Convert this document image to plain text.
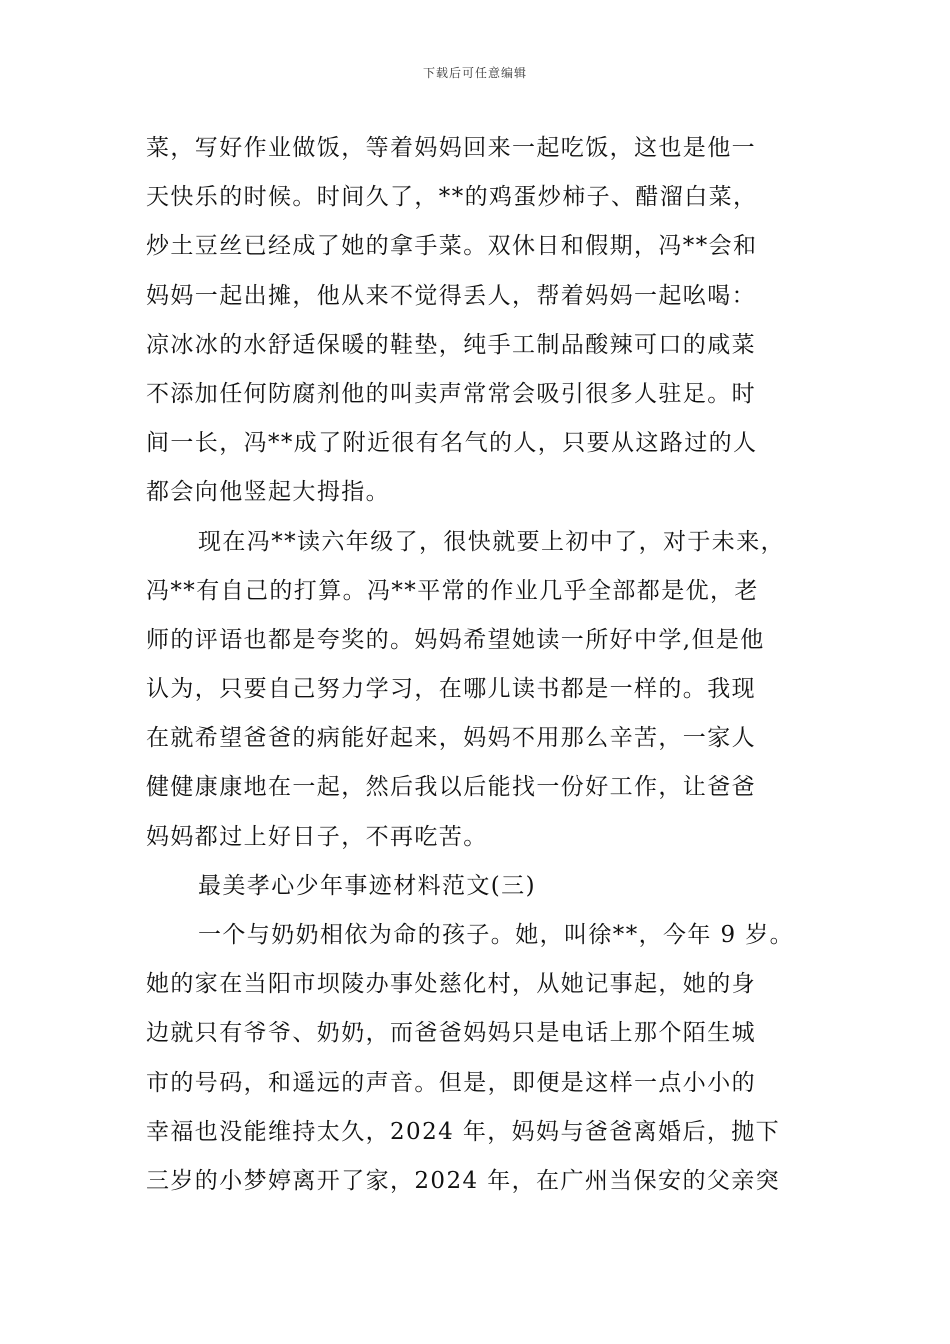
下载后可任意编辑
菜，写好作业做饭，等着妈妈回来一起吃饭，这也是他一
天快乐的时候。时间久了，**的鸡蛋炒柿子、醋溜白菜，
炒土豆丝已经成了她的拿手菜。双休日和假期，冯**会和
妈妈一起出摊，他从来不觉得丢人，帮着妈妈一起吆喝：
凉冰冰的水舒适保暖的鞋垫，纯手工制品酸辣可口的咸菜
不添加任何防腐剂他的叫卖声常常会吸引很多人驻足。时
间一长，冯**成了附近很有名气的人，只要从这路过的人
都会向他竖起大拇指。
现在冯**读六年级了，很快就要上初中了，对于未来，
冯**有自己的打算。冯**平常的作业几乎全部都是优，老
师的评语也都是夸奖的。妈妈希望她读一所好中学,但是他
认为，只要自己努力学习，在哪儿读书都是一样的。我现
在就希望爸爸的病能好起来，妈妈不用那么辛苦，一家人
健健康康地在一起，然后我以后能找一份好工作，让爸爸
妈妈都过上好日子，不再吃苦。
最美孝心少年事迹材料范文(三)
一个与奶奶相依为命的孩子。她，叫徐**，今年 9 岁。
她的家在当阳市坝陵办事处慈化村，从她记事起，她的身
边就只有爷爷、奶奶，而爸爸妈妈只是电话上那个陌生城
市的号码，和遥远的声音。但是，即便是这样一点小小的
幸福也没能维持太久，2024 年，妈妈与爸爸离婚后，抛下
三岁的小梦婷离开了家，2024 年，在广州当保安的父亲突
